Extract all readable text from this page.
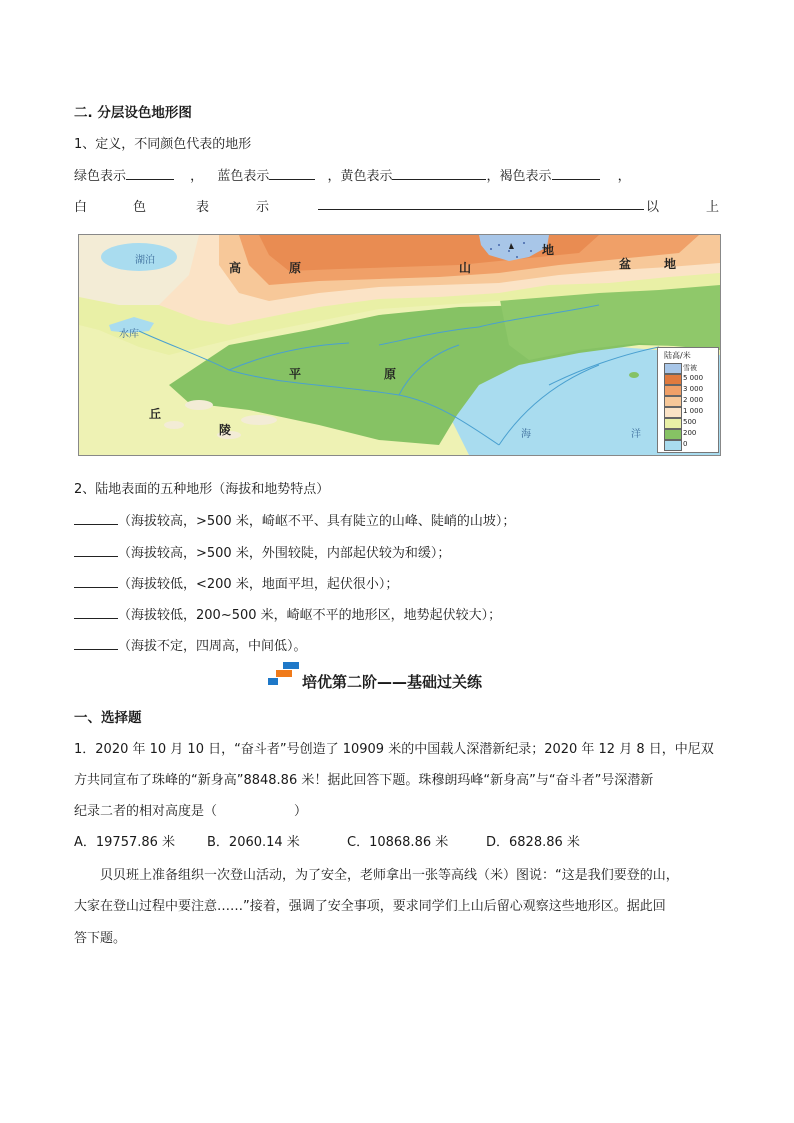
二. 分层设色地形图
1、定义，不同颜色代表的地形
绿色表示	， 蓝色表示	，黄色表示	，褐色表示	，
白	色	表	示	以	上
湖泊
高	原	山
地
盆	地
水库
平	原
丘
陵	海	洋
陆高/米
雪被
5 000
3 000
2 000
1 000
500
200
0
2、陆地表面的五种地形（海拔和地势特点）
（海拔较高，>500 米，崎岖不平、具有陡立的山峰、陡峭的山坡）；
（海拔较高，>500 米，外围较陡，内部起伏较为和缓）；
（海拔较低，<200 米，地面平坦，起伏很小）；
（海拔较低，200~500 米，崎岖不平的地形区，地势起伏较大）；
（海拔不定，四周高，中间低）。
培优第二阶——基础过关练
一、选择题
1．2020 年 10 月 10 日，“奋斗者”号创造了 10909 米的中国载人深潜新纪录；2020 年 12 月 8 日，中尼双
方共同宣布了珠峰的“新身高”8848.86 米！据此回答下题。珠穆朗玛峰“新身高”与“奋斗者”号深潜新
纪录二者的相对高度是（	）
A．19757.86 米 B．2060.14 米	C．10868.86 米	D．6828.86 米
贝贝班上准备组织一次登山活动，为了安全，老师拿出一张等高线（米）图说：“这是我们要登的山，
大家在登山过程中要注意……”接着，强调了安全事项，要求同学们上山后留心观察这些地形区。据此回
答下题。
